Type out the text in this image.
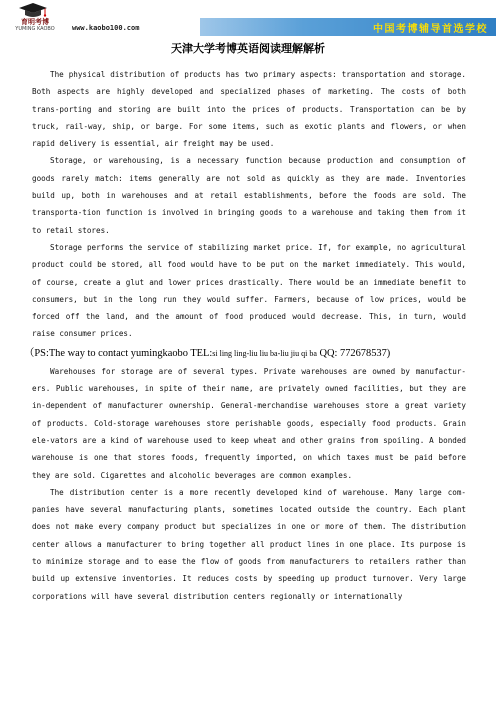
育明考博
YUMING KAOBO	www.kaobo100.com	中国考博辅导首选学校
天津大学考博英语阅读理解解析

The physical distribution of products has two primary aspects: transportation and storage. Both aspects are highly developed and specialized phases of marketing. The costs of both trans-porting and storing are built into the prices of products. Transportation can be by truck, rail-way, ship, or barge. For some items, such as exotic plants and flowers, or when rapid delivery is essential, air freight may be used.

Storage, or warehousing, is a necessary function because production and consumption of goods rarely match: items generally are not sold as quickly as they are made. Inventories build up, both in warehouses and at retail establishments, before the foods are sold. The transporta-tion function is involved in bringing goods to a warehouse and taking them from it to retail stores.

Storage performs the service of stabilizing market price. If, for example, no agricultural product could be stored, all food would have to be put on the market immediately. This would, of course, create a glut and lower prices drastically. There would be an immediate benefit to consumers, but in the long run they would suffer. Farmers, because of low prices, would be forced off the land, and the amount of food produced would decrease. This, in turn, would raise consumer prices.

（PS:The way to contact yumingkaobo TEL:si ling ling-liu liu ba-liu jiu qi ba QQ: 772678537)

Warehouses for storage are of several types. Private warehouses are owned by manufactur-ers. Public warehouses, in spite of their name, are privately owned facilities, but they are in-dependent of manufacturer ownership. General-merchandise warehouses store a great variety of products. Cold-storage warehouses store perishable goods, especially food products. Grain ele-vators are a kind of warehouse used to keep wheat and other grains from spoiling. A bonded warehouse is one that stores foods, frequently imported, on which taxes must be paid before they are sold. Cigarettes and alcoholic beverages are common examples.

The distribution center is a more recently developed kind of warehouse. Many large com-panies have several manufacturing plants, sometimes located outside the country. Each plant does not make every company product but specializes in one or more of them. The distribution center allows a manufacturer to bring together all product lines in one place. Its purpose is to minimize storage and to ease the flow of goods from manufacturers to retailers rather than build up extensive inventories. It reduces costs by speeding up product turnover. Very large corporations will have several distribution centers regionally or internationally
